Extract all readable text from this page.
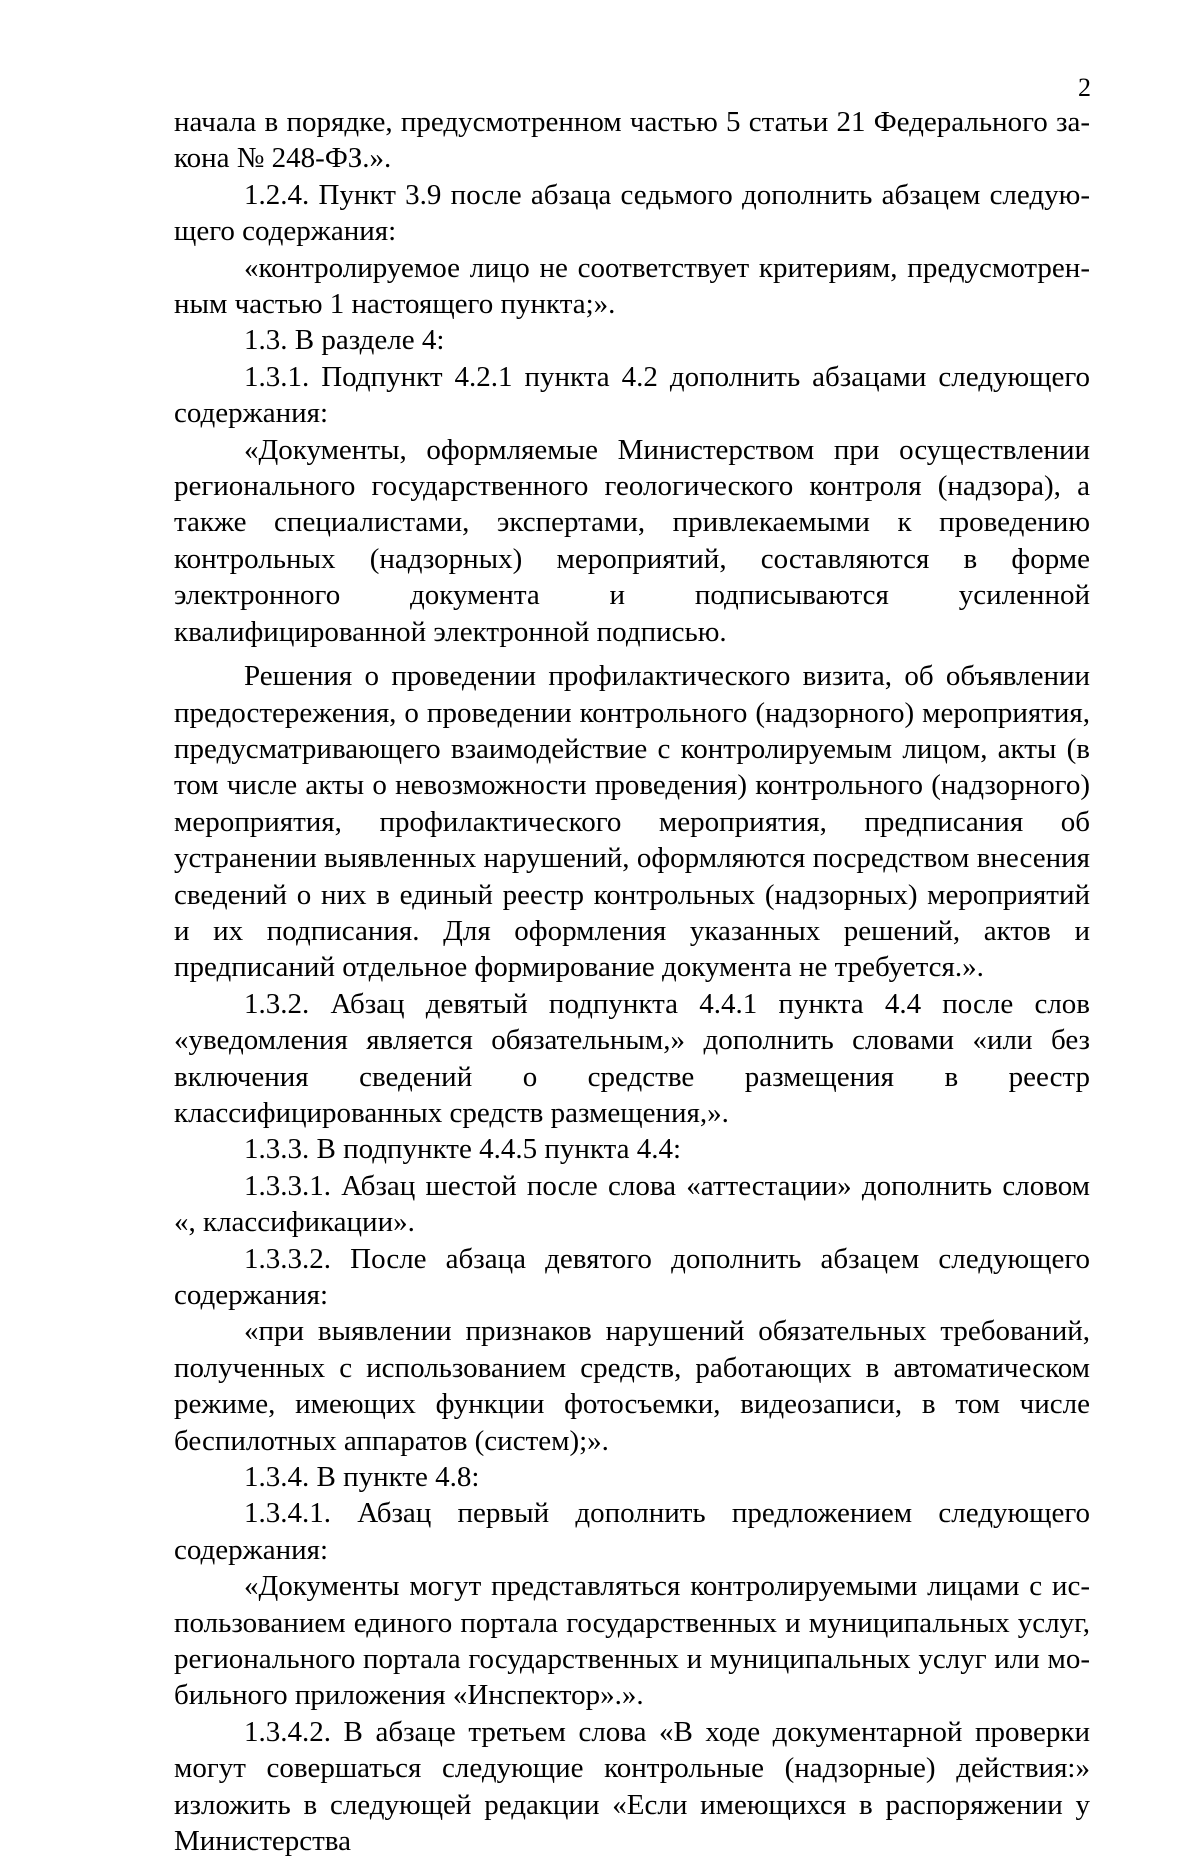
2

начала в порядке, предусмотренном частью 5 статьи 21 Федерального закона № 248-ФЗ.».

1.2.4. Пункт 3.9 после абзаца седьмого дополнить абзацем следующего содержания:

«контролируемое лицо не соответствует критериям, предусмотренным частью 1 настоящего пункта;».

1.3. В разделе 4:

1.3.1. Подпункт 4.2.1 пункта 4.2 дополнить абзацами следующего содержания:

«Документы, оформляемые Министерством при осуществлении регионального государственного геологического контроля (надзора), а также специалистами, экспертами, привлекаемыми к проведению контрольных (надзорных) мероприятий, составляются в форме электронного документа и подписываются усиленной квалифицированной электронной подписью.

Решения о проведении профилактического визита, об объявлении предостережения, о проведении контрольного (надзорного) мероприятия, предусматривающего взаимодействие с контролируемым лицом, акты (в том числе акты о невозможности проведения) контрольного (надзорного) мероприятия, профилактического мероприятия, предписания об устранении выявленных нарушений, оформляются посредством внесения сведений о них в единый реестр контрольных (надзорных) мероприятий и их подписания. Для оформления указанных решений, актов и предписаний отдельное формирование документа не требуется.».

1.3.2. Абзац девятый подпункта 4.4.1 пункта 4.4 после слов «уведомления является обязательным,» дополнить словами «или без включения сведений о средстве размещения в реестр классифицированных средств размещения,».

1.3.3. В подпункте 4.4.5 пункта 4.4:

1.3.3.1. Абзац шестой после слова «аттестации» дополнить словом «, классификации».

1.3.3.2. После абзаца девятого дополнить абзацем следующего содержания:

«при выявлении признаков нарушений обязательных требований, полученных с использованием средств, работающих в автоматическом режиме, имеющих функции фотосъемки, видеозаписи, в том числе беспилотных аппаратов (систем);».

1.3.4. В пункте 4.8:

1.3.4.1. Абзац первый дополнить предложением следующего содержания:

«Документы могут представляться контролируемыми лицами с использованием единого портала государственных и муниципальных услуг, регионального портала государственных и муниципальных услуг или мобильного приложения «Инспектор».».

1.3.4.2. В абзаце третьем слова «В ходе документарной проверки могут совершаться следующие контрольные (надзорные) действия:» изложить в следующей редакции «Если имеющихся в распоряжении у Министерства
